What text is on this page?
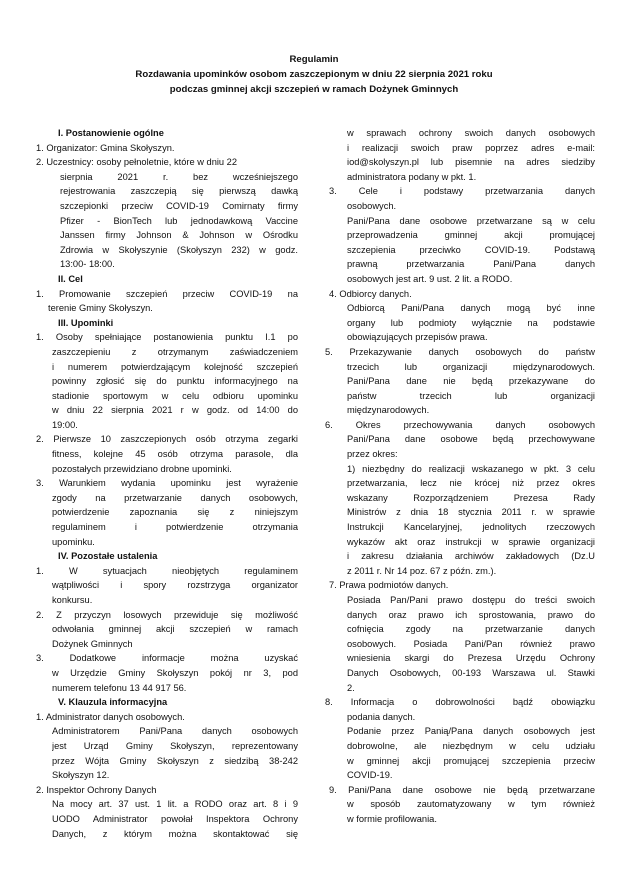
Regulamin
Rozdawania upominków osobom zaszczepionym w dniu 22 sierpnia 2021 roku
podczas gminnej akcji szczepień w ramach Dożynek Gminnych
I. Postanowienie ogólne
1. Organizator: Gmina Skołyszyn.
2. Uczestnicy: osoby pełnoletnie, które w dniu 22
sierpnia 2021 r. bez wcześniejszego
rejestrowania zaszczepią się pierwszą dawką
szczepionki przeciw COVID-19 Comirnaty firmy
Pfizer - BionTech lub jednodawkową Vaccine
Janssen firmy Johnson & Johnson w Ośrodku
Zdrowia w Skołyszynie (Skołyszyn 232) w godz.
13:00- 18:00.
II. Cel
1. Promowanie szczepień przeciw COVID-19 na
terenie Gminy Skołyszyn.
III. Upominki
1. Osoby spełniające postanowienia punktu I.1 po
zaszczepieniu z otrzymanym zaświadczeniem
i numerem potwierdzającym kolejność szczepień
powinny zgłosić się do punktu informacyjnego na
stadionie sportowym w celu odbioru upominku
w dniu 22 sierpnia 2021 r w godz. od 14:00 do
19:00.
2. Pierwsze 10 zaszczepionych osób otrzyma zegarki
fitness, kolejne 45 osób otrzyma parasole, dla
pozostałych przewidziano drobne upominki.
3. Warunkiem wydania upominku jest wyrażenie
zgody na przetwarzanie danych osobowych,
potwierdzenie zapoznania się z niniejszym
regulaminem i potwierdzenie otrzymania
upominku.
IV. Pozostałe ustalenia
1. W sytuacjach nieobjętych regulaminem
wątpliwości i spory rozstrzyga organizator
konkursu.
2. Z przyczyn losowych przewiduje się możliwość
odwołania gminnej akcji szczepień w ramach
Dożynek Gminnych
3. Dodatkowe informacje można uzyskać
w Urzędzie Gminy Skołyszyn pokój nr 3, pod
numerem telefonu 13 44 917 56.
V. Klauzula informacyjna
1. Administrator danych osobowych.
Administratorem Pani/Pana danych osobowych
jest Urząd Gminy Skołyszyn, reprezentowany
przez Wójta Gminy Skołyszyn z siedzibą 38-242
Skołyszyn 12.
2. Inspektor Ochrony Danych
Na mocy art. 37 ust. 1 lit. a RODO oraz art. 8 i 9
UODO Administrator powołał Inspektora Ochrony
Danych, z którym można skontaktować się
w sprawach ochrony swoich danych osobowych
i realizacji swoich praw poprzez adres e-mail:
iod@skolyszyn.pl lub pisemnie na adres siedziby
administratora podany w pkt. 1.
3. Cele i podstawy przetwarzania danych
osobowych.
Pani/Pana dane osobowe przetwarzane są w celu
przeprowadzenia gminnej akcji promującej
szczepienia przeciwko COVID-19. Podstawą
prawną przetwarzania Pani/Pana danych
osobowych jest art. 9 ust. 2 lit. a RODO.
4. Odbiorcy danych.
Odbiorcą Pani/Pana danych mogą być inne
organy lub podmioty wyłącznie na podstawie
obowiązujących przepisów prawa.
5. Przekazywanie danych osobowych do państw
trzecich lub organizacji międzynarodowych.
Pani/Pana dane nie będą przekazywane do
państw trzecich lub organizacji
międzynarodowych.
6. Okres przechowywania danych osobowych
Pani/Pana dane osobowe będą przechowywane
przez okres:
1) niezbędny do realizacji wskazanego w pkt. 3 celu
przetwarzania, lecz nie krócej niż przez okres
wskazany Rozporządzeniem Prezesa Rady
Ministrów z dnia 18 stycznia 2011 r. w sprawie
Instrukcji Kancelaryjnej, jednolitych rzeczowych
wykazów akt oraz instrukcji w sprawie organizacji
i zakresu działania archiwów zakładowych (Dz.U
z 2011 r. Nr 14 poz. 67 z późn. zm.).
7. Prawa podmiotów danych.
Posiada Pan/Pani prawo dostępu do treści swoich
danych oraz prawo ich sprostowania, prawo do
cofnięcia zgody na przetwarzanie danych
osobowych. Posiada Pani/Pan również prawo
wniesienia skargi do Prezesa Urzędu Ochrony
Danych Osobowych, 00-193 Warszawa ul. Stawki
2.
8. Informacja o dobrowolności bądź obowiązku
podania danych.
Podanie przez Panią/Pana danych osobowych jest
dobrowolne, ale niezbędnym w celu udziału
w gminnej akcji promującej szczepienia przeciw
COVID-19.
9. Pani/Pana dane osobowe nie będą przetwarzane
w sposób zautomatyzowany w tym również
w formie profilowania.
